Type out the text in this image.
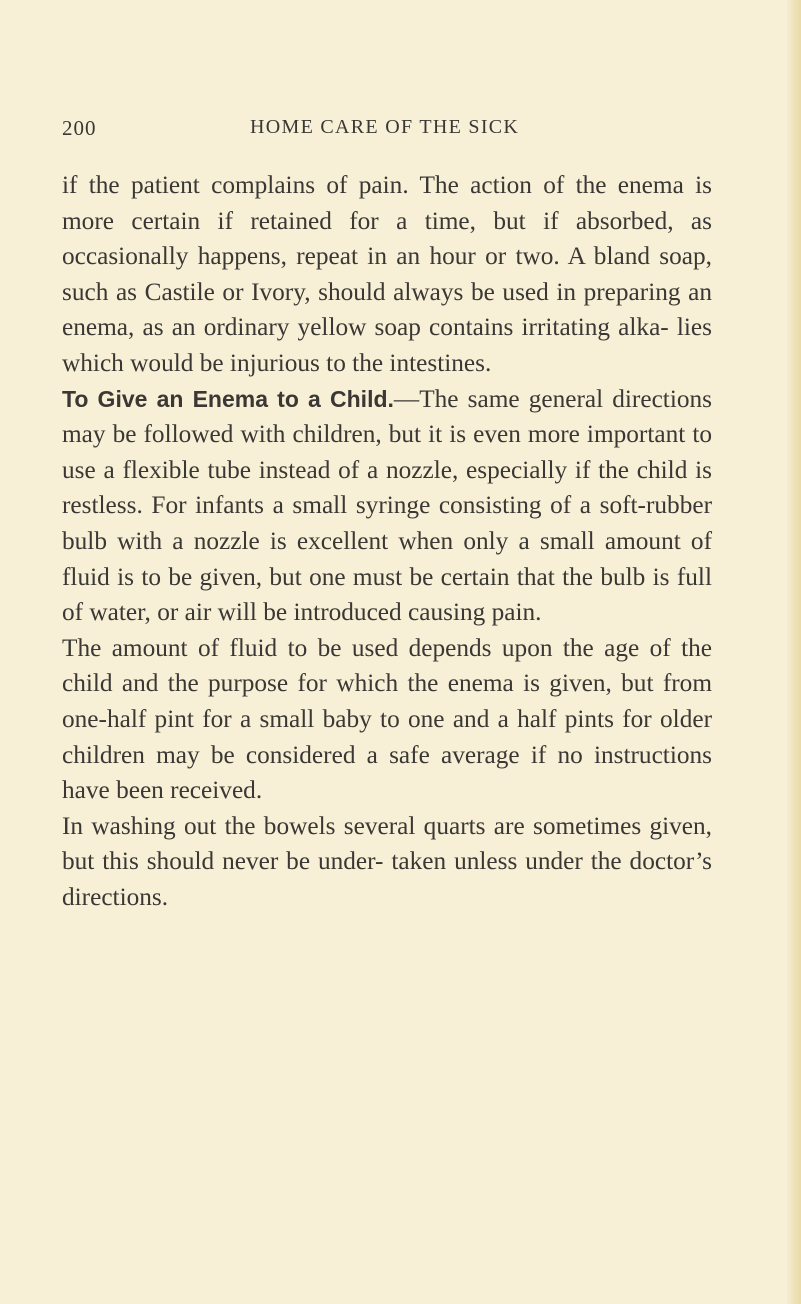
200	HOME CARE OF THE SICK

if the patient complains of pain. The action of the enema is more certain if retained for a time, but if absorbed, as occasionally happens, repeat in an hour or two. A bland soap, such as Castile or Ivory, should always be used in preparing an enema, as an ordinary yellow soap contains irritating alka- lies which would be injurious to the intestines.

To Give an Enema to a Child.—The same general directions may be followed with children, but it is even more important to use a flexible tube instead of a nozzle, especially if the child is restless. For infants a small syringe consisting of a soft-rubber bulb with a nozzle is excellent when only a small amount of fluid is to be given, but one must be certain that the bulb is full of water, or air will be introduced causing pain.

The amount of fluid to be used depends upon the age of the child and the purpose for which the enema is given, but from one-half pint for a small baby to one and a half pints for older children may be considered a safe average if no instructions have been received.

In washing out the bowels several quarts are sometimes given, but this should never be under- taken unless under the doctor’s directions.
